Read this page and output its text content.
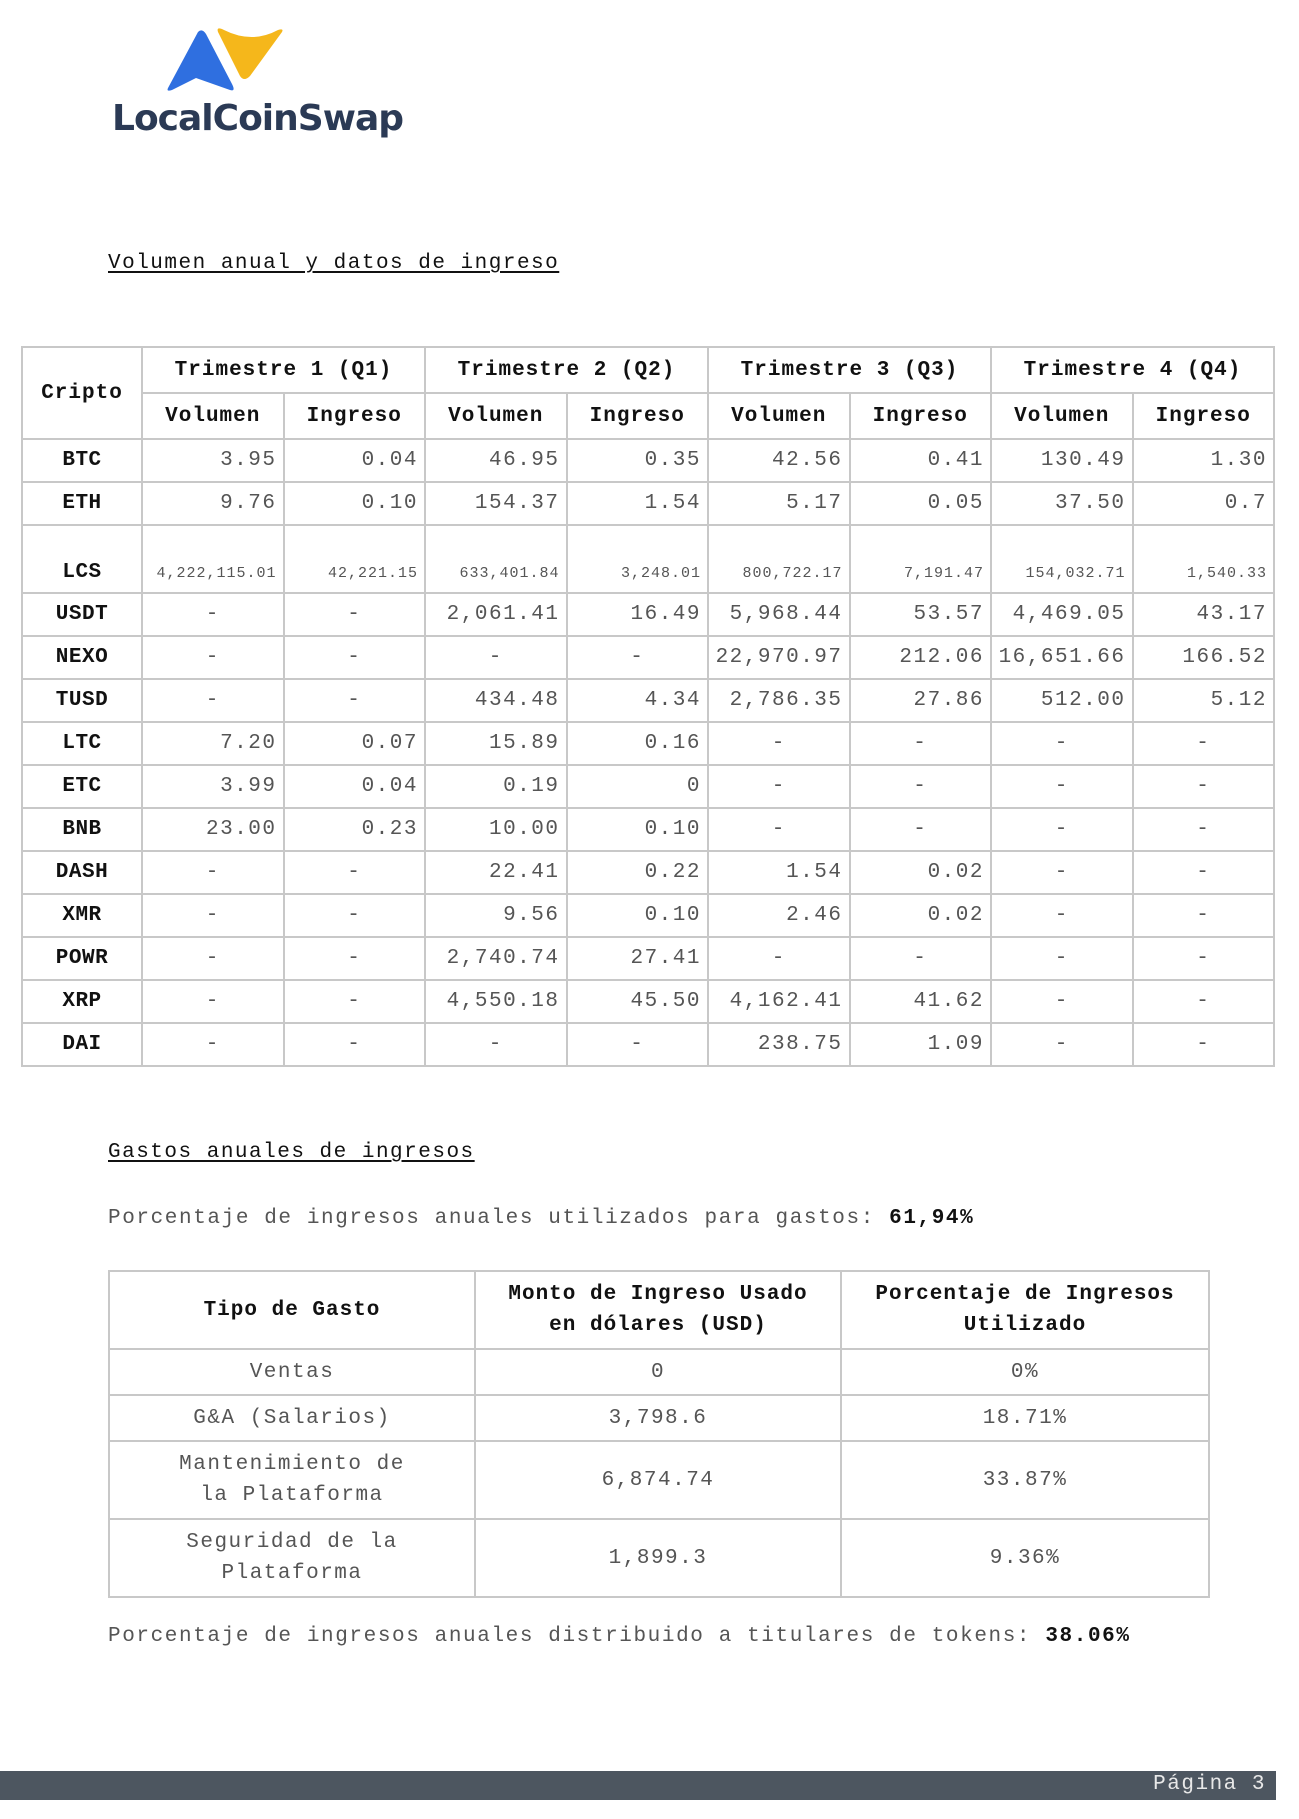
LocalCoinSwap
Volumen anual y datos de ingreso
Cripto	Trimestre 1 (Q1)		Trimestre 2 (Q2)		Trimestre 3 (Q3)		Trimestre 4 (Q4)	
	Volumen	Ingreso	Volumen	Ingreso	Volumen	Ingreso	Volumen	Ingreso
BTC	3.95	0.04	46.95	0.35	42.56	0.41	130.49	1.30
ETH	9.76	0.10	154.37	1.54	5.17	0.05	37.50	0.7
LCS	4,222,115.01	42,221.15	633,401.84	3,248.01	800,722.17	7,191.47	154,032.71	1,540.33
USDT	-	-	2,061.41	16.49	5,968.44	53.57	4,469.05	43.17
NEXO	-	-	-	-	22,970.97	212.06	16,651.66	166.52
TUSD	-	-	434.48	4.34	2,786.35	27.86	512.00	5.12
LTC	7.20	0.07	15.89	0.16	-	-	-	-
ETC	3.99	0.04	0.19	0	-	-	-	-
BNB	23.00	0.23	10.00	0.10	-	-	-	-
DASH	-	-	22.41	0.22	1.54	0.02	-	-
XMR	-	-	9.56	0.10	2.46	0.02	-	-
POWR	-	-	2,740.74	27.41	-	-	-	-
XRP	-	-	4,550.18	45.50	4,162.41	41.62	-	-
DAI	-	-	-	-	238.75	1.09	-	-
Gastos anuales de ingresos
Porcentaje de ingresos anuales utilizados para gastos: 61,94%
Tipo de Gasto	Monto de Ingreso Usado en dólares (USD)	Porcentaje de Ingresos Utilizado
Ventas	0	0%
G&A (Salarios)	3,798.6	18.71%
Mantenimiento de la Plataforma	6,874.74	33.87%
Seguridad de la Plataforma	1,899.3	9.36%
Porcentaje de ingresos anuales distribuido a titulares de tokens: 38.06%
Página 3
